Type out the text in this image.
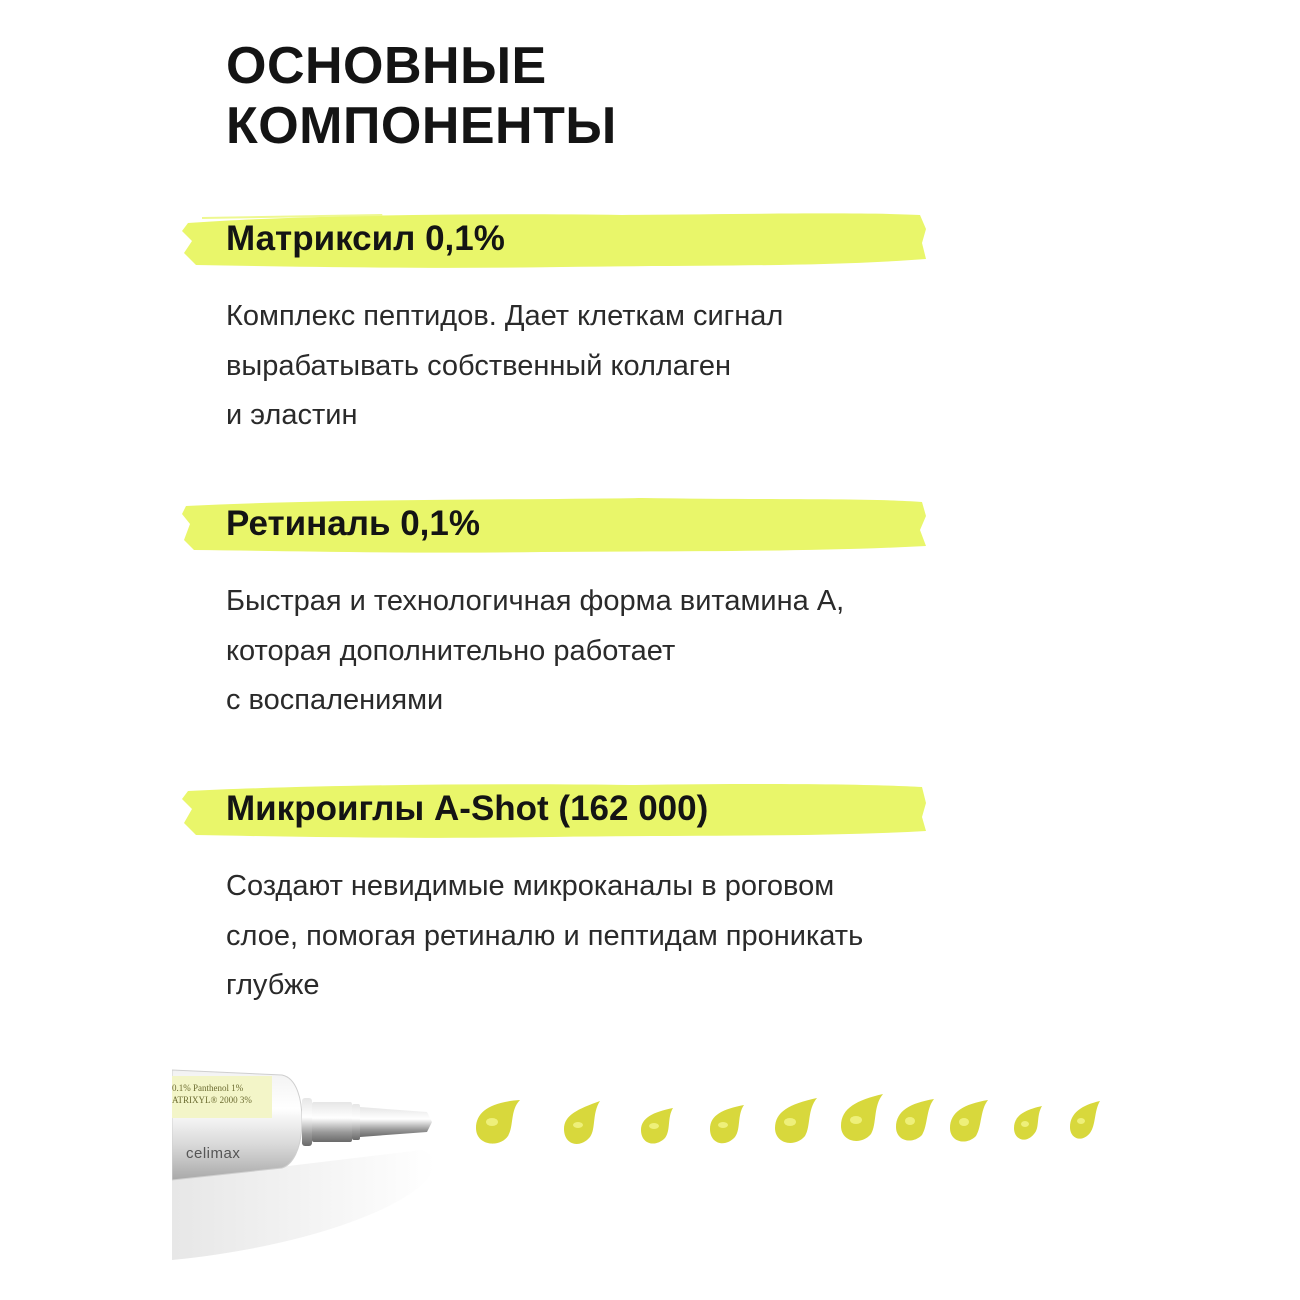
ОСНОВНЫЕ
КОМПОНЕНТЫ
Матриксил 0,1%

Комплекс пептидов. Дает клеткам сигнал
вырабатывать собственный коллаген
и эластин

Ретиналь 0,1%

Быстрая и технологичная форма витамина А,
которая дополнительно работает
с воспалениями

Микроиглы A-Shot (162 000)

Создают невидимые микроканалы в роговом
слое, помогая ретиналю и пептидам проникать
глубже

0.1% Panthenol 1%
ATRIXYL® 2000 3%
celimax
